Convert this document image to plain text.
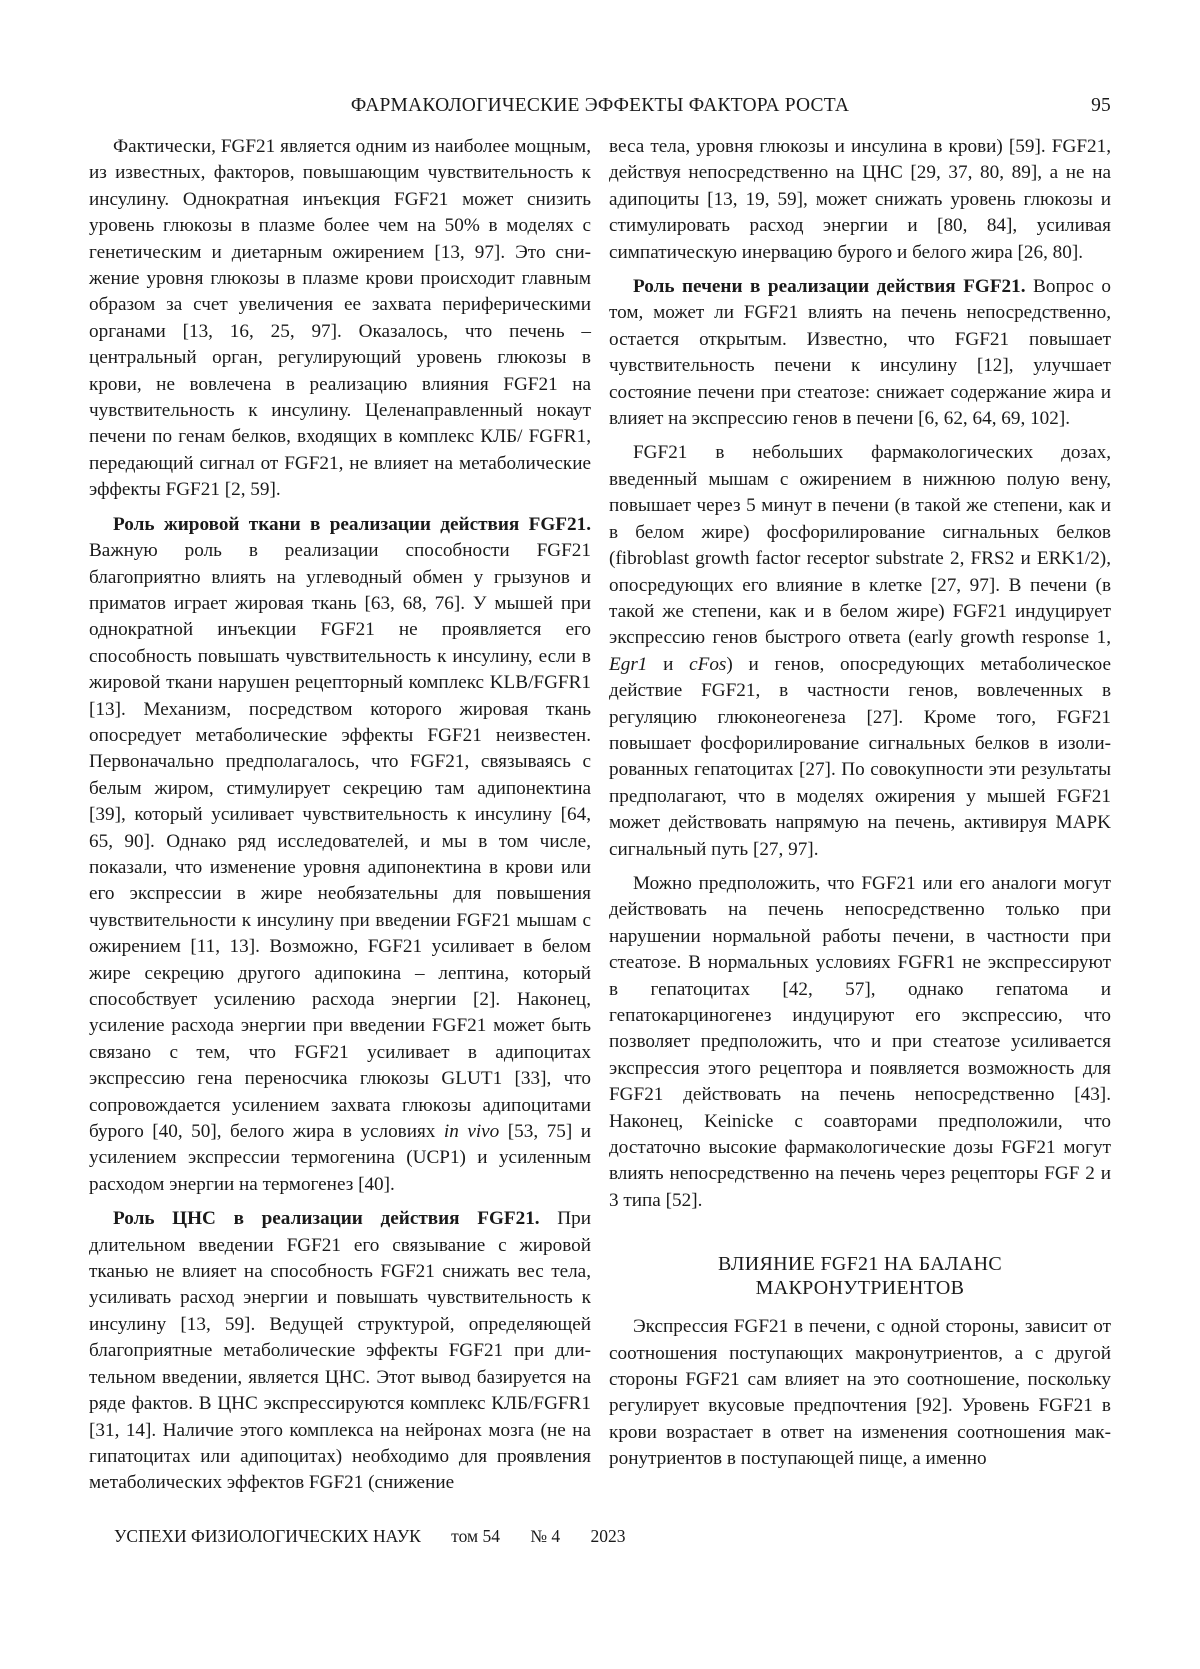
ФАРМАКОЛОГИЧЕСКИЕ ЭФФЕКТЫ ФАКТОРА РОСТА	95

Фактически, FGF21 является одним из наибо­лее мощным, из известных, факторов, повышаю­щим чувствительность к инсулину. Однократная инъекция FGF21 может снизить уровень глюкозы в плазме более чем на 50% в моделях с генетиче­ским и диетарным ожирением [13, 97]. Это сни­жение уровня глюкозы в плазме крови происхо­дит главным образом за счет увеличения ее захва­та периферическими органами [13, 16, 25, 97]. Оказалось, что печень – центральный орган, ре­гулирующий уровень глюкозы в крови, не вовле­чена в реализацию влияния FGF21 на чувстви­тельность к инсулину. Целенаправленный нокаут печени по генам белков, входящих в комплекс КЛБ/ FGFR1, передающий сигнал от FGF21, не влияет на метаболические эффекты FGF21 [2, 59].

Роль жировой ткани в реализации действия FGF21. Важную роль в реализации способности FGF21 благоприятно влиять на углеводный об­мен у грызунов и приматов играет жировая ткань [63, 68, 76]. У мышей при однократной инъекции FGF21 не проявляется его способность повышать чувствительность к инсулину, если в жировой тка­ни нарушен рецепторный комплекс KLB/FGFR1 [13]. Механизм, посредством которого жировая ткань опосредует метаболические эффекты FGF21 неизвестен. Первоначально предполага­лось, что FGF21, связываясь с белым жиром, сти­мулирует секрецию там адипонектина [39], кото­рый усиливает чувствительность к инсулину [64, 65, 90]. Однако ряд исследователей, и мы в том числе, показали, что изменение уровня адипо­нектина в крови или его экспрессии в жире не­обязательны для повышения чувствительности к инсулину при введении FGF21 мышам с ожире­нием [11, 13]. Возможно, FGF21 усиливает в бе­лом жире секрецию другого адипокина – лептина, который способствует усилению расхода энергии [2]. Наконец, усиление расхода энергии при вве­дении FGF21 может быть связано с тем, что FGF21 усиливает в адипоцитах экспрессию гена переносчика глюкозы GLUT1 [33], что сопровож­дается усилением захвата глюкозы адипоцитами бурого [40, 50], белого жира в условиях in vivo [53, 75] и усилением экспрессии термогенина (UCP1) и усиленным расходом энергии на термогенез [40].

Роль ЦНС в реализации действия FGF21. При длительном введении FGF21 его связывание с жировой тканью не влияет на способность FGF21 снижать вес тела, усиливать расход энергии и по­вышать чувствительность к инсулину [13, 59]. Ве­дущей структурой, определяющей благоприят­ные метаболические эффекты FGF21 при дли­тельном введении, является ЦНС. Этот вывод базируется на ряде фактов. В ЦНС экспрессиру­ются комплекс КЛБ/FGFR1 [31, 14]. Наличие этого комплекса на нейронах мозга (не на гипато­цитах или адипоцитах) необходимо для проявле­ния метаболических эффектов FGF21 (снижение

веса тела, уровня глюкозы и инсулина в крови) [59]. FGF21, действуя непосредственно на ЦНС [29, 37, 80, 89], а не на адипоциты [13, 19, 59], мо­жет снижать уровень глюкозы и стимулировать расход энергии и [80, 84], усиливая симпатиче­скую инервацию бурого и белого жира [26, 80].

Роль печени в реализации действия FGF21. Во­прос о том, может ли FGF21 влиять на печень не­посредственно, остается открытым. Известно, что FGF21 повышает чувствительность печени к инсулину [12], улучшает состояние печени при стеатозе: снижает содержание жира и влияет на экспрессию генов в печени [6, 62, 64, 69, 102].

FGF21 в небольших фармакологических до­зах, введенный мышам с ожирением в нижнюю полую вену, повышает через 5 минут в печени (в такой же степени, как и в белом жире) фосфори­лирование сигнальных белков (fibroblast growth factor receptor substrate 2, FRS2 и ERK1/2), опо­средующих его влияние в клетке [27, 97]. В печени (в такой же степени, как и в белом жире) FGF21 индуцирует экспрессию генов быстрого ответа (early growth response 1, Egr1 и cFos) и генов, опо­средующих метаболическое действие FGF21, в частности генов, вовлеченных в регуляцию глю­конеогенеза [27]. Кроме того, FGF21 повышает фосфорилирование сигнальных белков в изоли­рованных гепатоцитах [27]. По совокупности эти результаты предполагают, что в моделях ожире­ния у мышей FGF21 может действовать напря­мую на печень, активируя MAPK сигнальный путь [27, 97].

Можно предположить, что FGF21 или его ана­логи могут действовать на печень непосредствен­но только при нарушении нормальной работы пе­чени, в частности при стеатозе. В нормальных условиях FGFR1 не экспрессируют в гепатоцитах [42, 57], однако гепатома и гепатокарциногенез индуцируют его экспрессию, что позволяет пред­положить, что и при стеатозе усиливается экс­прессия этого рецептора и появляется возмож­ность для FGF21 действовать на печень непо­средственно [43]. Наконец, Keinicke с соавторами предположили, что достаточно высокие фарма­кологические дозы FGF21 могут влиять непо­средственно на печень через рецепторы FGF 2 и 3 типа [52].

ВЛИЯНИЕ FGF21 НА БАЛАНС
МАКРОНУТРИЕНТОВ

Экспрессия FGF21 в печени, с одной стороны, зависит от соотношения поступающих макронут­риентов, а с другой стороны FGF21 сам влияет на это соотношение, поскольку регулирует вкусовые предпочтения [92]. Уровень FGF21 в крови воз­растает в ответ на изменения соотношения мак­ронутриентов в поступающей пище, а именно

УСПЕХИ ФИЗИОЛОГИЧЕСКИХ НАУК том 54 № 4 2023
